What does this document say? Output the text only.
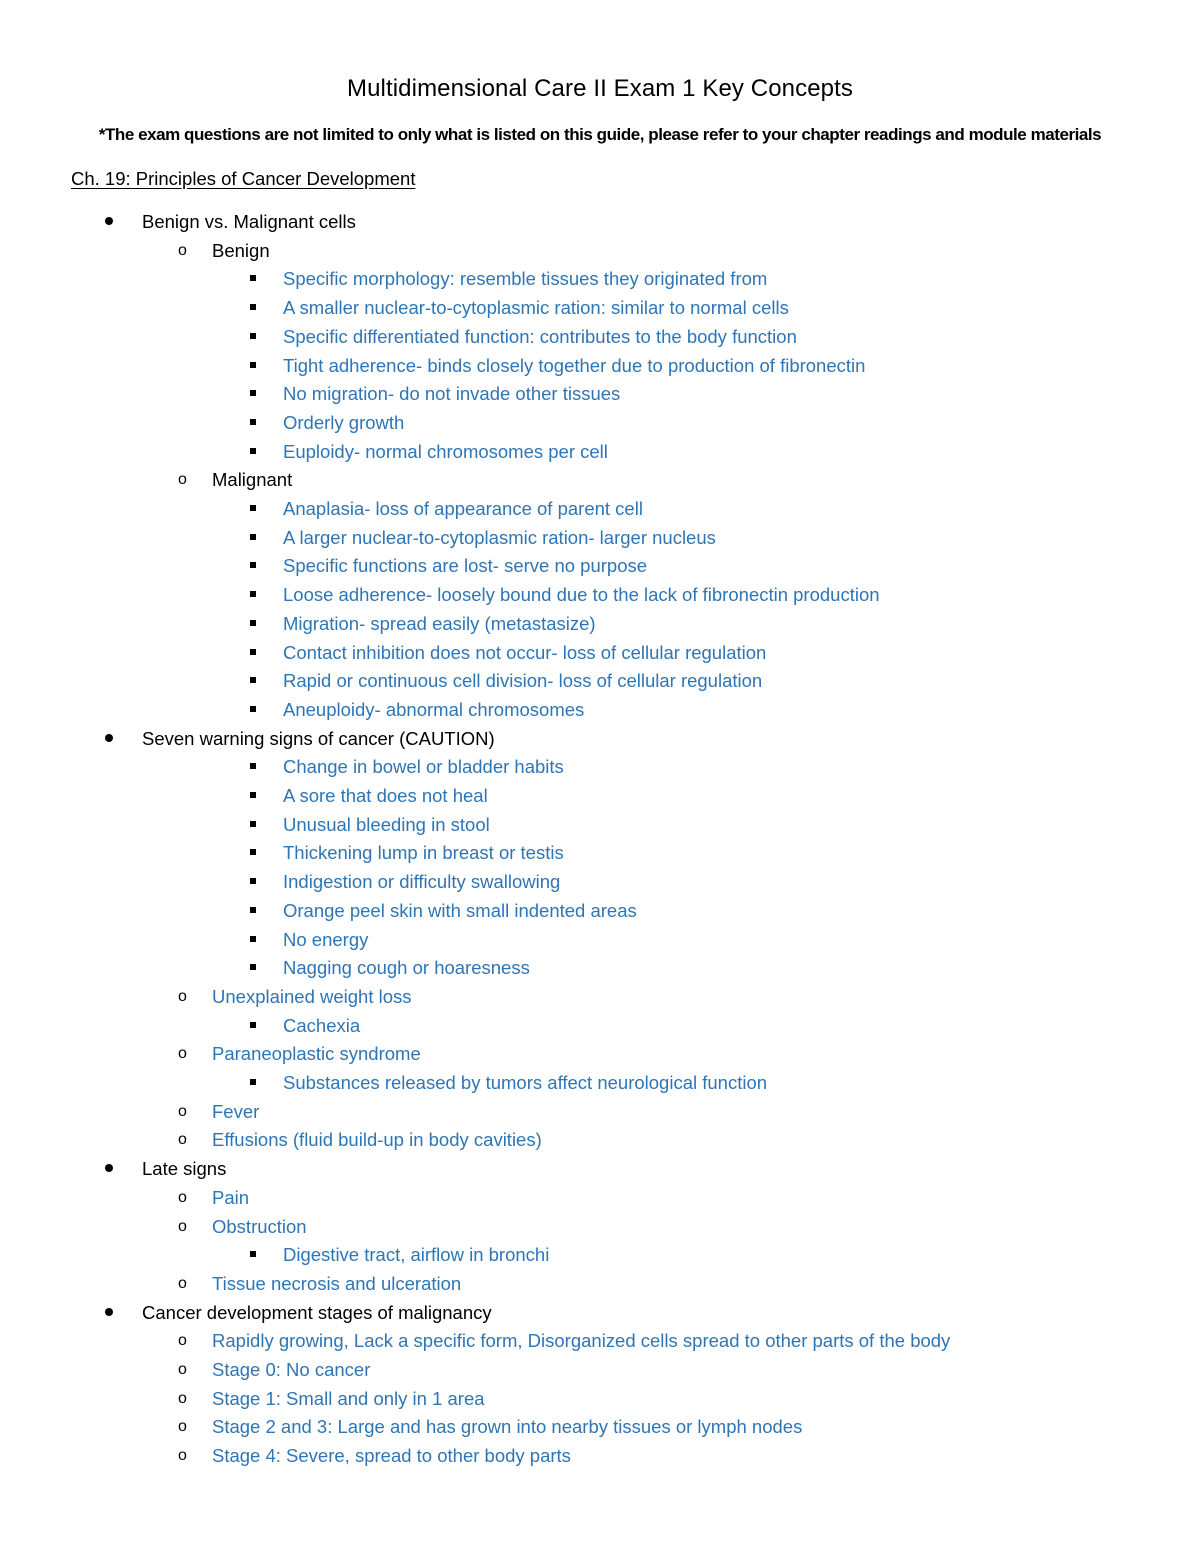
Multidimensional Care II Exam 1 Key Concepts
*The exam questions are not limited to only what is listed on this guide, please refer to your chapter readings and module materials
Ch. 19: Principles of Cancer Development
Benign vs. Malignant cells
o Benign
Specific morphology: resemble tissues they originated from
A smaller nuclear-to-cytoplasmic ration: similar to normal cells
Specific differentiated function: contributes to the body function
Tight adherence- binds closely together due to production of fibronectin
No migration- do not invade other tissues
Orderly growth
Euploidy- normal chromosomes per cell
o Malignant
Anaplasia- loss of appearance of parent cell
A larger nuclear-to-cytoplasmic ration- larger nucleus
Specific functions are lost- serve no purpose
Loose adherence- loosely bound due to the lack of fibronectin production
Migration- spread easily (metastasize)
Contact inhibition does not occur- loss of cellular regulation
Rapid or continuous cell division- loss of cellular regulation
Aneuploidy- abnormal chromosomes
Seven warning signs of cancer (CAUTION)
Change in bowel or bladder habits
A sore that does not heal
Unusual bleeding in stool
Thickening lump in breast or testis
Indigestion or difficulty swallowing
Orange peel skin with small indented areas
No energy
Nagging cough or hoaresness
o Unexplained weight loss
Cachexia
o Paraneoplastic syndrome
Substances released by tumors affect neurological function
o Fever
o Effusions (fluid build-up in body cavities)
Late signs
o Pain
o Obstruction
Digestive tract, airflow in bronchi
o Tissue necrosis and ulceration
Cancer development stages of malignancy
o Rapidly growing, Lack a specific form, Disorganized cells spread to other parts of the body
o Stage 0: No cancer
o Stage 1: Small and only in 1 area
o Stage 2 and 3: Large and has grown into nearby tissues or lymph nodes
o Stage 4: Severe, spread to other body parts
